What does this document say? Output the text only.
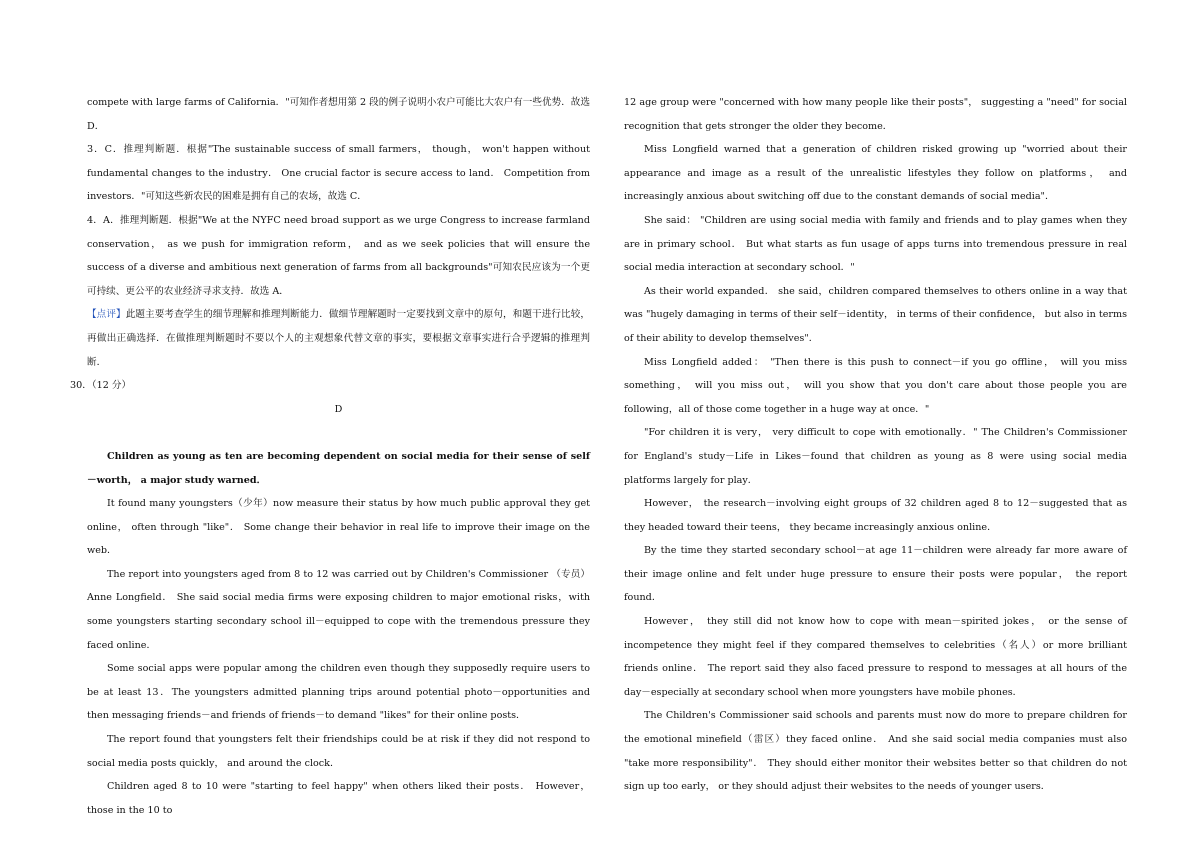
compete with large farms of California．"可知作者想用第 2 段的例子说明小农户可能比大农户有一些优势．故选 D．

3．C．推理判断题．根据"The sustainable success of small farmers， though， won't happen without fundamental changes to the industry． One crucial factor is secure access to land． Competition from investors．"可知这些新农民的困难是拥有自己的农场，故选 C．

4．A．推理判断题．根据"We at the NYFC need broad support as we urge Congress to increase farmland conservation， as we push for immigration reform， and as we seek policies that will ensure the success of a diverse and ambitious next generation of farms from all backgrounds"可知农民应该为一个更可持续、更公平的农业经济寻求支持．故选 A．

【点评】此题主要考查学生的细节理解和推理判断能力．做细节理解题时一定要找到文章中的原句，和题干进行比较，再做出正确选择．在做推理判断题时不要以个人的主观想象代替文章的事实，要根据文章事实进行合乎逻辑的推理判断．

30．（12 分）

D

Children as young as ten are becoming dependent on social media for their sense of self－worth， a major study warned．

It found many youngsters（少年）now measure their status by how much public approval they get online， often through "like"． Some change their behavior in real life to improve their image on the web．

The report into youngsters aged from 8 to 12 was carried out by Children's Commissioner （专员）Anne Longfield． She said social media firms were exposing children to major emotional risks，with some youngsters starting secondary school ill－equipped to cope with the tremendous pressure they faced online．

Some social apps were popular among the children even though they supposedly require users to be at least 13．The youngsters admitted planning trips around potential photo－opportunities and then messaging friends－and friends of friends－to demand "likes" for their online posts．

The report found that youngsters felt their friendships could be at risk if they did not respond to social media posts quickly， and around the clock．

Children aged 8 to 10 were "starting to feel happy" when others liked their posts． However，those in the 10 to

12 age group were "concerned with how many people like their posts"， suggesting a "need" for social recognition that gets stronger the older they become．

Miss Longfield warned that a generation of children risked growing up "worried about their appearance and image as a result of the unrealistic lifestyles they follow on platforms， and increasingly anxious about switching off due to the constant demands of social media"．

She said： "Children are using social media with family and friends and to play games when they are in primary school． But what starts as fun usage of apps turns into tremendous pressure in real social media interaction at secondary school．"

As their world expanded． she said，children compared themselves to others online in a way that was "hugely damaging in terms of their self－identity， in terms of their confidence， but also in terms of their ability to develop themselves"．

Miss Longfield added： "Then there is this push to connect－if you go offline， will you miss something， will you miss out， will you show that you don't care about those people you are following，all of those come together in a huge way at once．"

"For children it is very， very difficult to cope with emotionally．" The Children's Commissioner for England's study－Life in Likes－found that children as young as 8 were using social media platforms largely for play．

However， the research－involving eight groups of 32 children aged 8 to 12－suggested that as they headed toward their teens， they became increasingly anxious online．

By the time they started secondary school－at age 11－children were already far more aware of their image online and felt under huge pressure to ensure their posts were popular， the report found．

However， they still did not know how to cope with mean－spirited jokes， or the sense of incompetence they might feel if they compared themselves to celebrities（名人）or more brilliant friends online． The report said they also faced pressure to respond to messages at all hours of the day－especially at secondary school when more youngsters have mobile phones．

The Children's Commissioner said schools and parents must now do more to prepare children for the emotional minefield（雷区）they faced online． And she said social media companies must also "take more responsibility"． They should either monitor their websites better so that children do not sign up too early， or they should adjust their websites to the needs of younger users．
